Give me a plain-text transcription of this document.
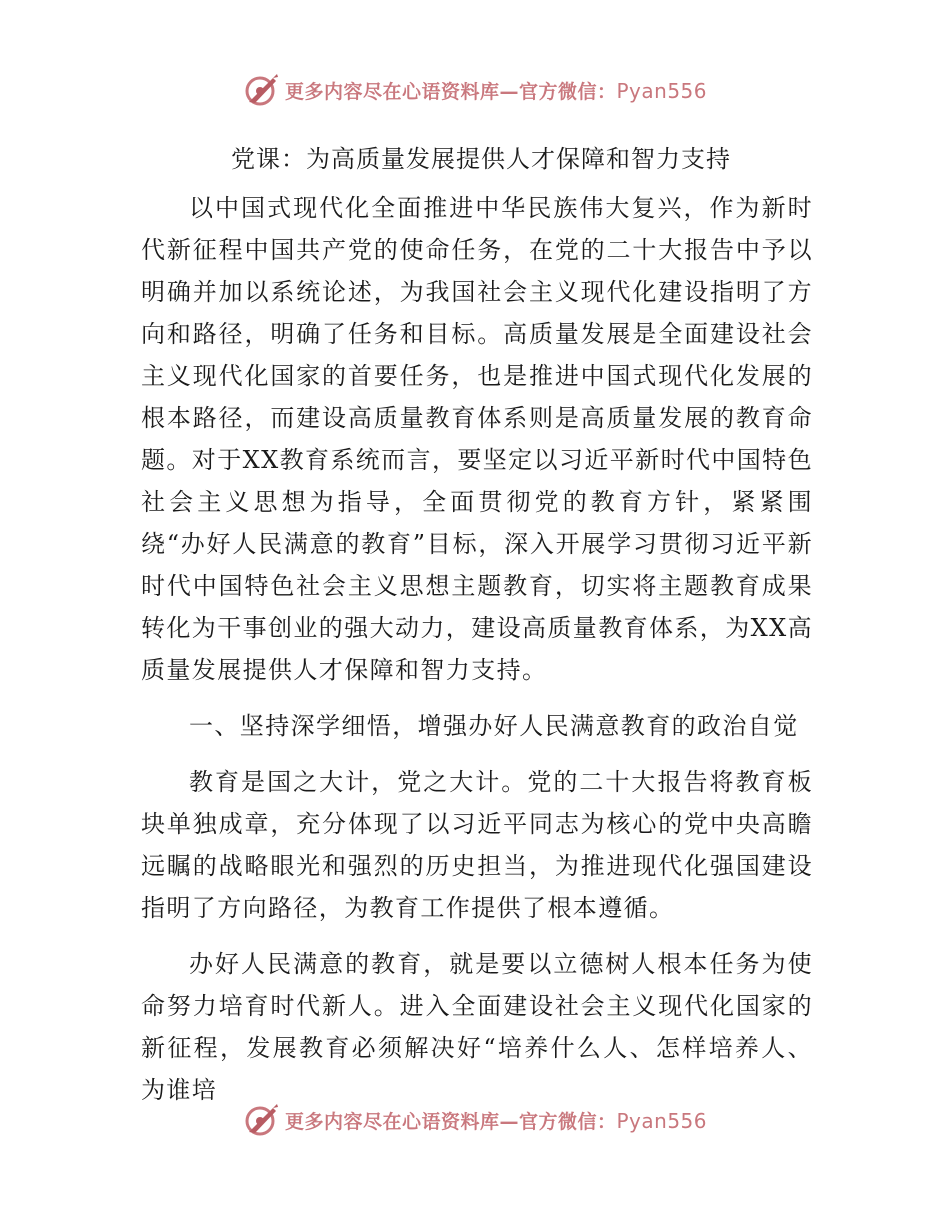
更多内容尽在心语资料库—官方微信：Pyan556
党课：为高质量发展提供人才保障和智力支持

以中国式现代化全面推进中华民族伟大复兴，作为新时代新征程中国共产党的使命任务，在党的二十大报告中予以明确并加以系统论述，为我国社会主义现代化建设指明了方向和路径，明确了任务和目标。高质量发展是全面建设社会主义现代化国家的首要任务，也是推进中国式现代化发展的根本路径，而建设高质量教育体系则是高质量发展的教育命题。对于XX教育系统而言，要坚定以习近平新时代中国特色社会主义思想为指导，全面贯彻党的教育方针，紧紧围绕“办好人民满意的教育”目标，深入开展学习贯彻习近平新时代中国特色社会主义思想主题教育，切实将主题教育成果转化为干事创业的强大动力，建设高质量教育体系，为XX高质量发展提供人才保障和智力支持。

一、坚持深学细悟，增强办好人民满意教育的政治自觉

教育是国之大计，党之大计。党的二十大报告将教育板块单独成章，充分体现了以习近平同志为核心的党中央高瞻远瞩的战略眼光和强烈的历史担当，为推进现代化强国建设指明了方向路径，为教育工作提供了根本遵循。

办好人民满意的教育，就是要以立德树人根本任务为使命努力培育时代新人。进入全面建设社会主义现代化国家的新征程，发展教育必须解决好“培养什么人、怎样培养人、为谁培

更多内容尽在心语资料库—官方微信：Pyan556
